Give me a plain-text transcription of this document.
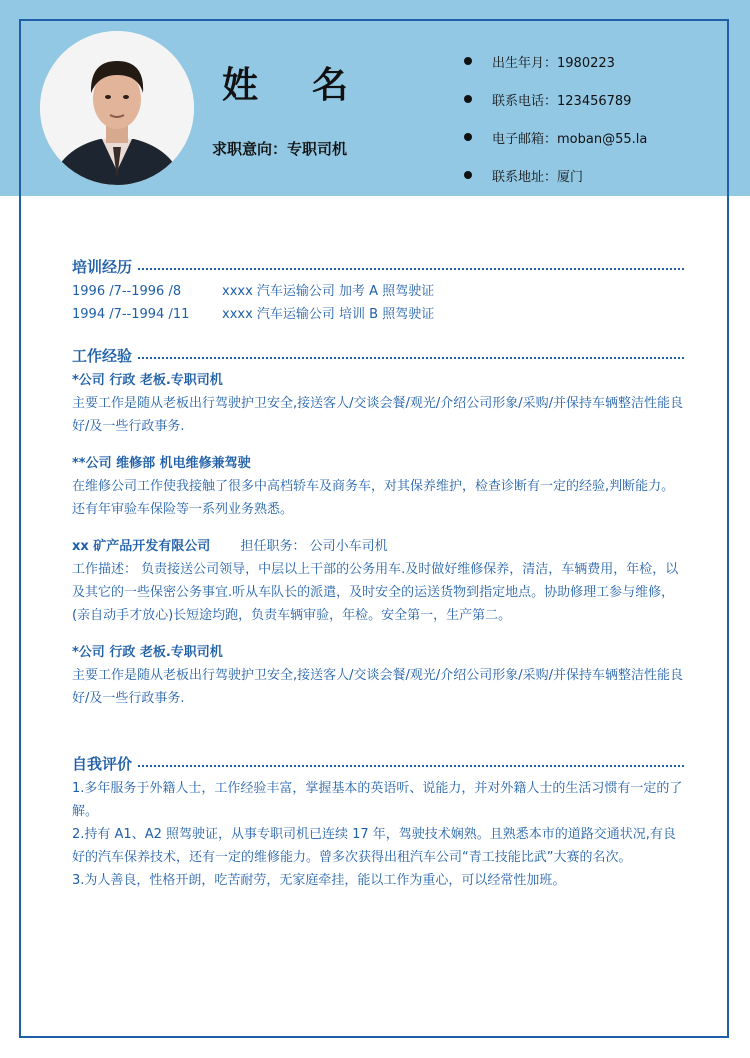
姓名
求职意向：专职司机
出生年月：1980223
联系电话：123456789
电子邮箱：moban@55.la
联系地址：厦门
培训经历
1996 /7--1996 /8	xxxx 汽车运输公司 加考 A 照驾驶证
1994 /7--1994 /11	xxxx 汽车运输公司 培训 B 照驾驶证
工作经验
*公司 行政 老板.专职司机
主要工作是随从老板出行驾驶护卫安全,接送客人/交谈会餐/观光/介绍公司形象/采购/并保持车辆整洁性能良好/及一些行政事务.
**公司 维修部 机电维修兼驾驶
在维修公司工作使我接触了很多中高档轿车及商务车，对其保养维护，检查诊断有一定的经验,判断能力。还有年审验车保险等一系列业务熟悉。
xx 矿产品开发有限公司 担任职务： 公司小车司机
工作描述： 负责接送公司领导，中层以上干部的公务用车.及时做好维修保养，清洁，车辆费用，年检，以及其它的一些保密公务事宜.听从车队长的派遣，及时安全的运送货物到指定地点。协助修理工参与维修，(亲自动手才放心)长短途均跑，负责车辆审验，年检。安全第一，生产第二。
*公司 行政 老板.专职司机
主要工作是随从老板出行驾驶护卫安全,接送客人/交谈会餐/观光/介绍公司形象/采购/并保持车辆整洁性能良好/及一些行政事务.
自我评价
1.多年服务于外籍人士，工作经验丰富，掌握基本的英语听、说能力，并对外籍人士的生活习惯有一定的了解。
2.持有 A1、A2 照驾驶证，从事专职司机已连续 17 年，驾驶技术娴熟。且熟悉本市的道路交通状况,有良好的汽车保养技术，还有一定的维修能力。曾多次获得出租汽车公司“青工技能比武”大赛的名次。
3.为人善良，性格开朗，吃苦耐劳，无家庭牵挂，能以工作为重心，可以经常性加班。
